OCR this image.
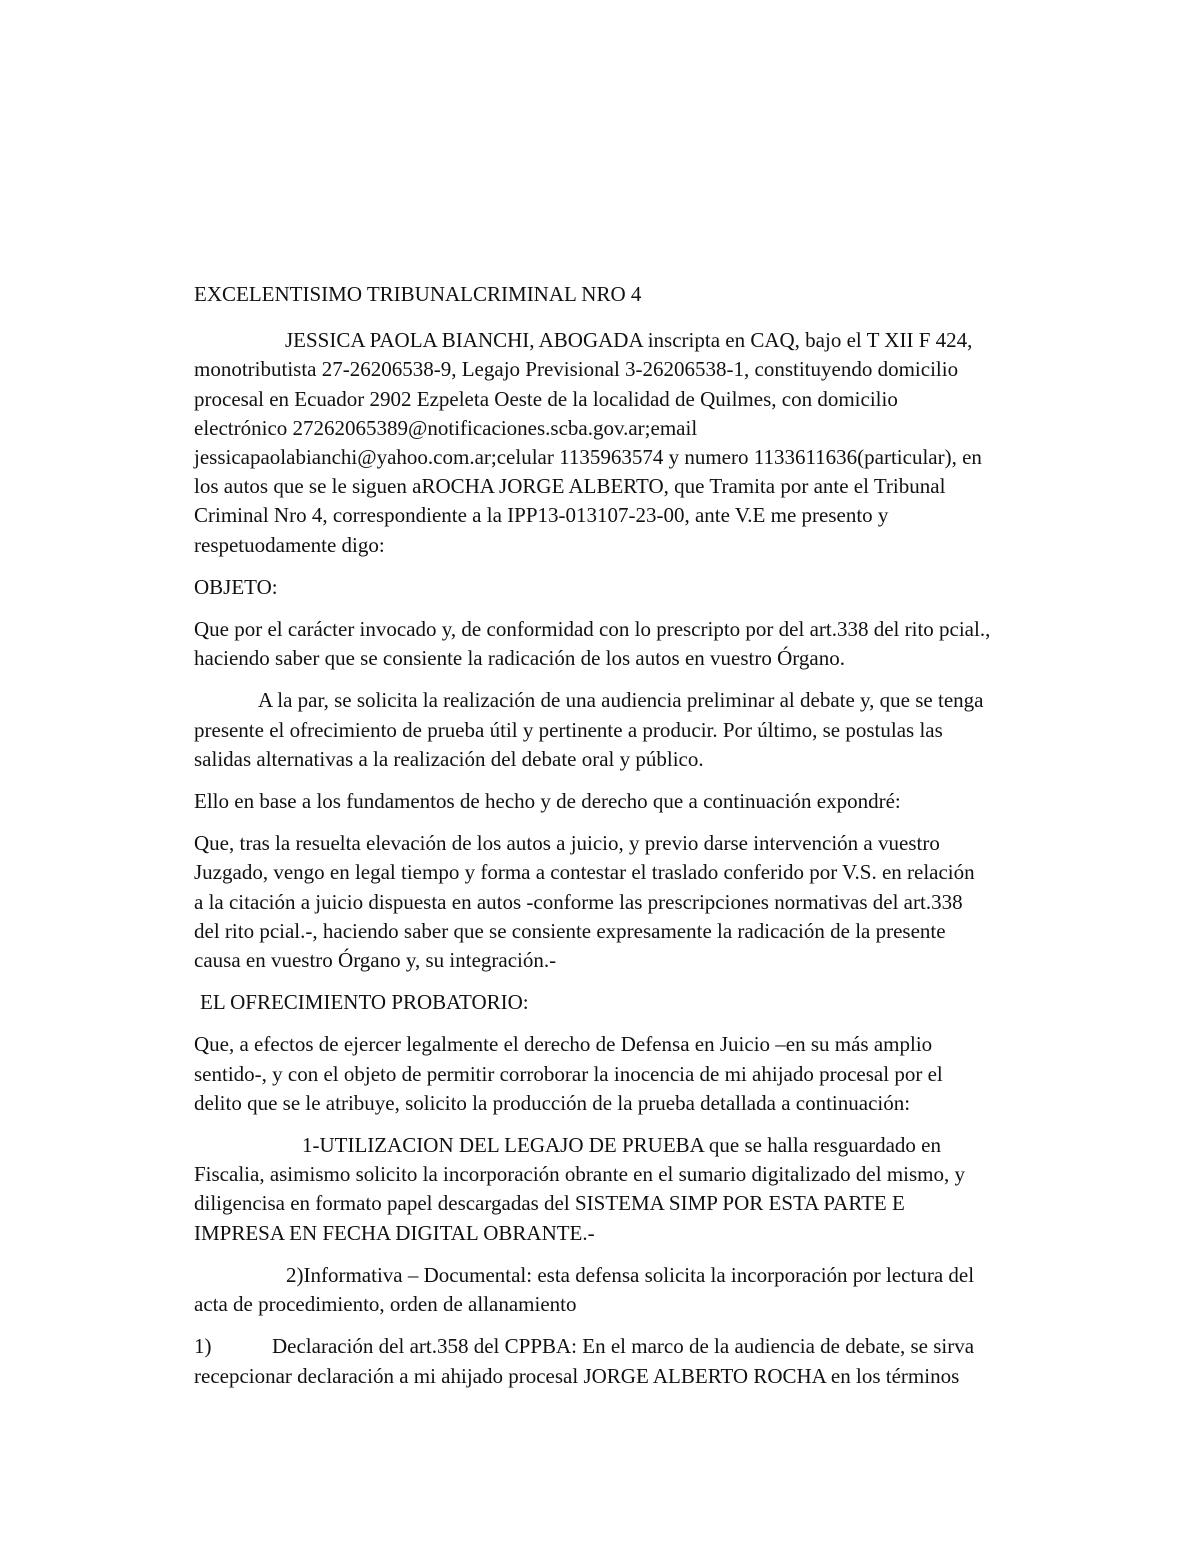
EXCELENTISIMO TRIBUNALCRIMINAL NRO 4

JESSICA PAOLA BIANCHI, ABOGADA inscripta en CAQ, bajo el T XII F 424,
monotributista 27-26206538-9, Legajo Previsional 3-26206538-1, constituyendo domicilio
procesal en Ecuador 2902 Ezpeleta Oeste de la localidad de Quilmes, con domicilio
electrónico 27262065389@notificaciones.scba.gov.ar;email
jessicapaolabianchi@yahoo.com.ar;celular 1135963574 y numero 1133611636(particular), en
los autos que se le siguen aROCHA JORGE ALBERTO, que Tramita por ante el Tribunal
Criminal Nro 4, correspondiente a la IPP13-013107-23-00, ante V.E me presento y
respetuodamente digo:

OBJETO:

Que por el carácter invocado y, de conformidad con lo prescripto por del art.338 del rito pcial.,
haciendo saber que se consiente la radicación de los autos en vuestro Órgano.

A la par, se solicita la realización de una audiencia preliminar al debate y, que se tenga
presente el ofrecimiento de prueba útil y pertinente a producir. Por último, se postulas las
salidas alternativas a la realización del debate oral y público.

Ello en base a los fundamentos de hecho y de derecho que a continuación expondré:

Que, tras la resuelta elevación de los autos a juicio, y previo darse intervención a vuestro
Juzgado, vengo en legal tiempo y forma a contestar el traslado conferido por V.S. en relación
a la citación a juicio dispuesta en autos -conforme las prescripciones normativas del art.338
del rito pcial.-, haciendo saber que se consiente expresamente la radicación de la presente
causa en vuestro Órgano y, su integración.-

EL OFRECIMIENTO PROBATORIO:

Que, a efectos de ejercer legalmente el derecho de Defensa en Juicio –en su más amplio
sentido-, y con el objeto de permitir corroborar la inocencia de mi ahijado procesal por el
delito que se le atribuye, solicito la producción de la prueba detallada a continuación:

1-UTILIZACION DEL LEGAJO DE PRUEBA que se halla resguardado en
Fiscalia, asimismo solicito la incorporación obrante en el sumario digitalizado del mismo, y
diligencisa en formato papel descargadas del SISTEMA SIMP POR ESTA PARTE E
IMPRESA EN FECHA DIGITAL OBRANTE.-

2)Informativa – Documental: esta defensa solicita la incorporación por lectura del
acta de procedimiento, orden de allanamiento

1)	Declaración del art.358 del CPPBA: En el marco de la audiencia de debate, se sirva
recepcionar declaración a mi ahijado procesal JORGE ALBERTO ROCHA en los términos
